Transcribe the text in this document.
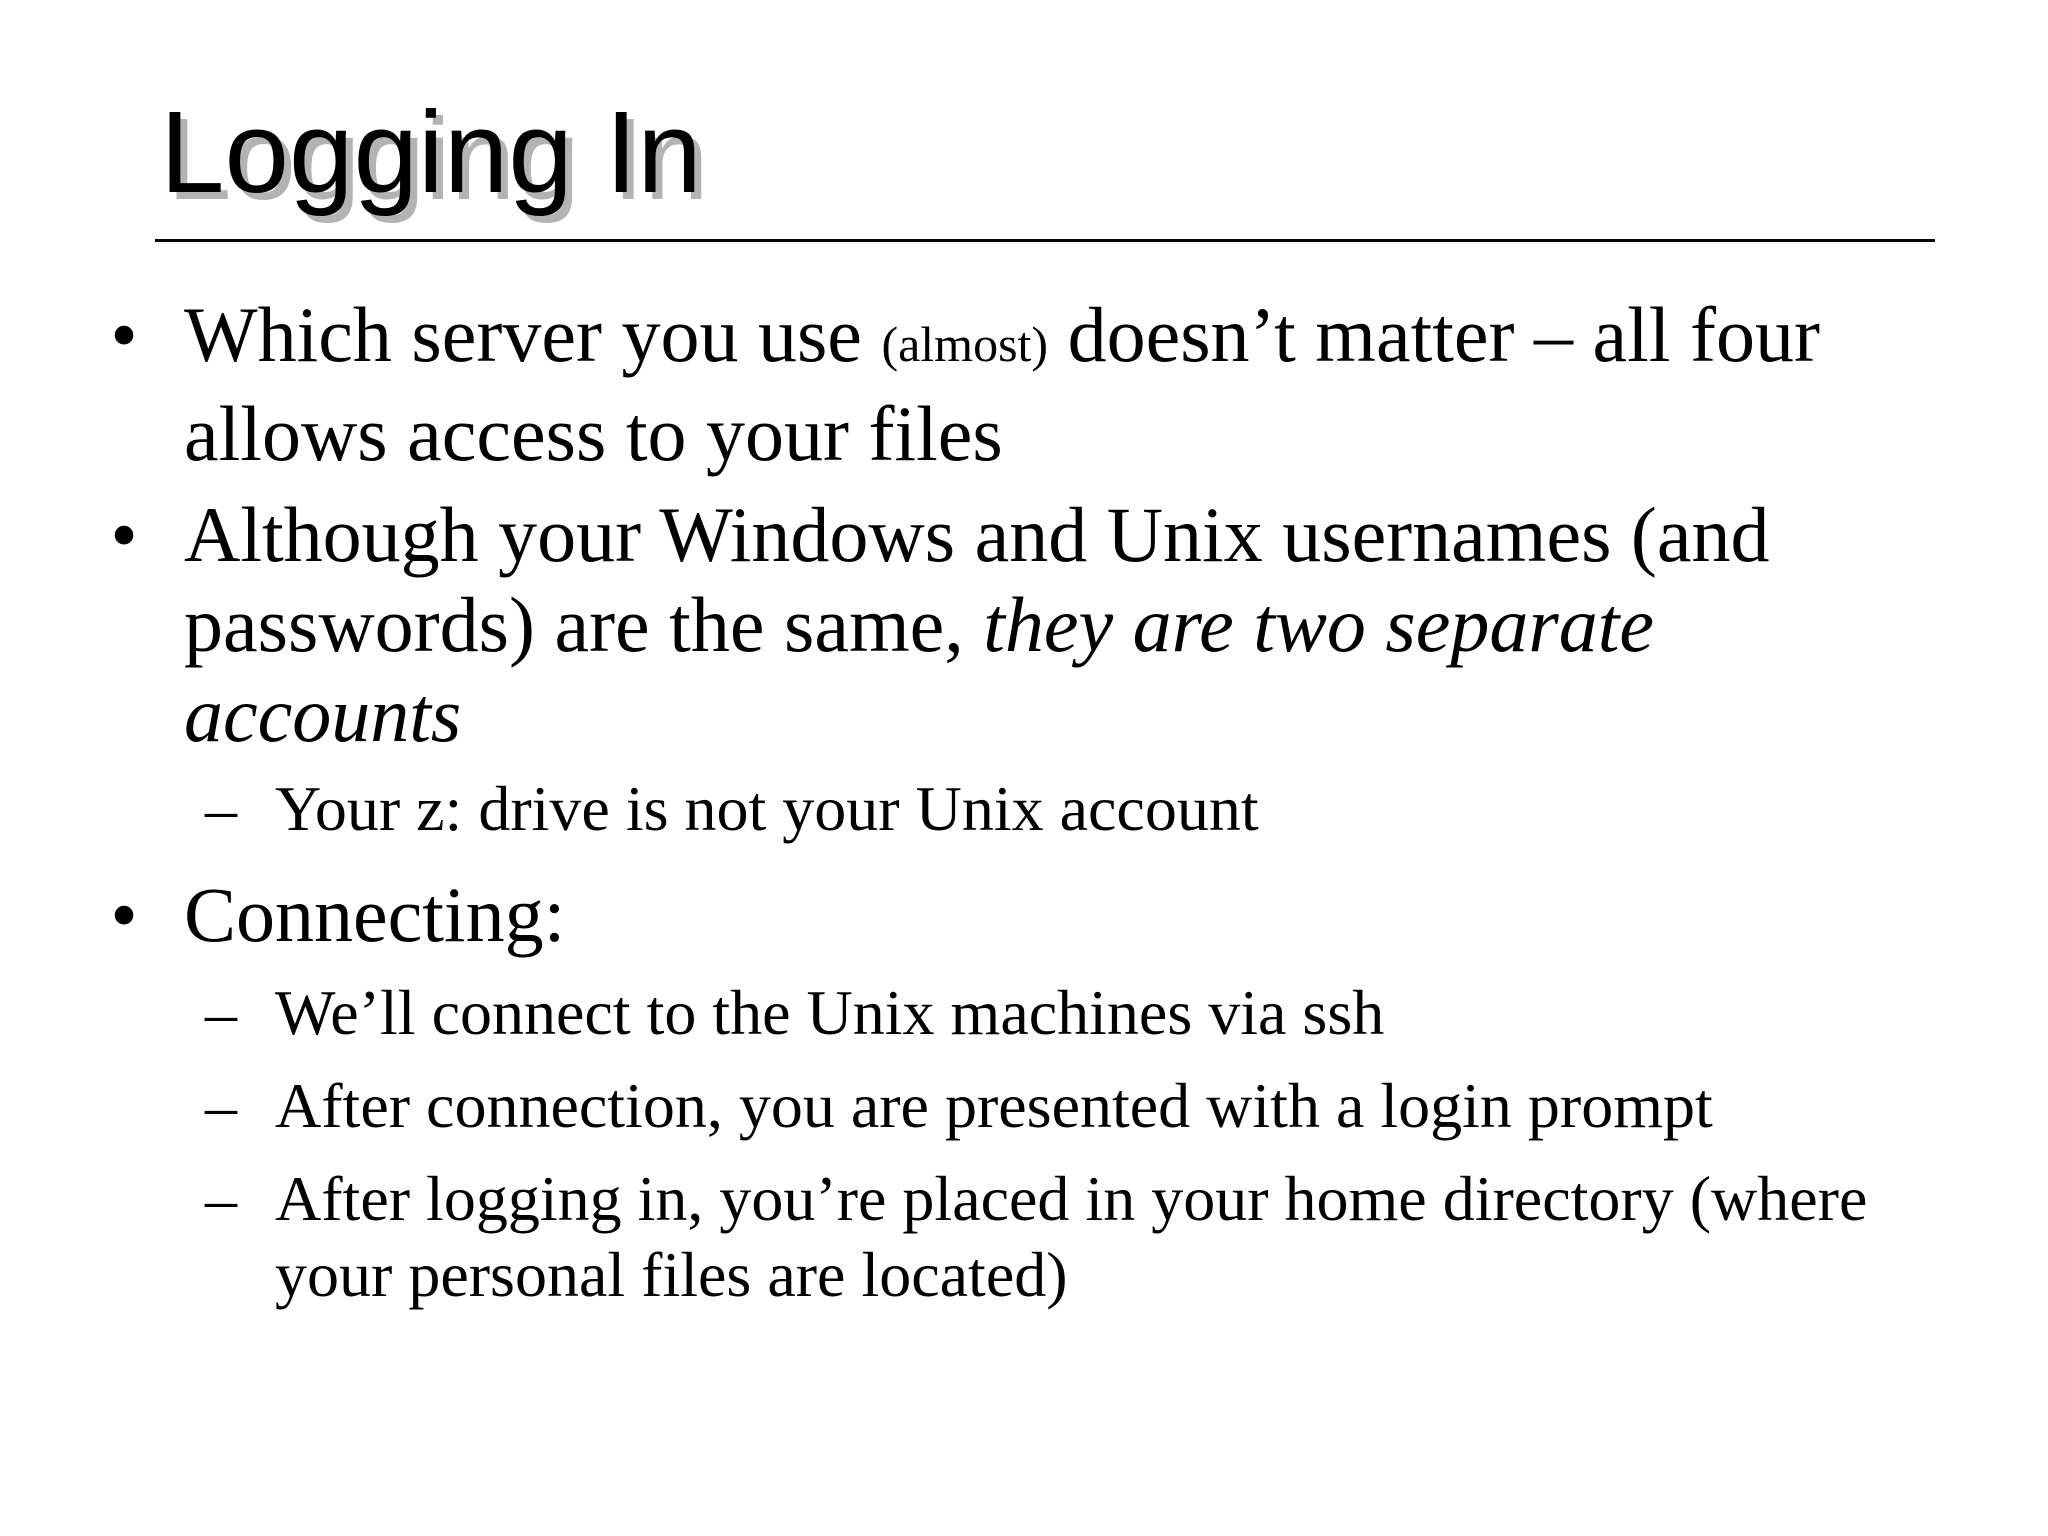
Logging In
• Which server you use (almost) doesn’t matter – all four allows access to your files
• Although your Windows and Unix usernames (and passwords) are the same, they are two separate accounts
– Your z: drive is not your Unix account
• Connecting:
– We’ll connect to the Unix machines via ssh
– After connection, you are presented with a login prompt
– After logging in, you’re placed in your home directory (where your personal files are located)
